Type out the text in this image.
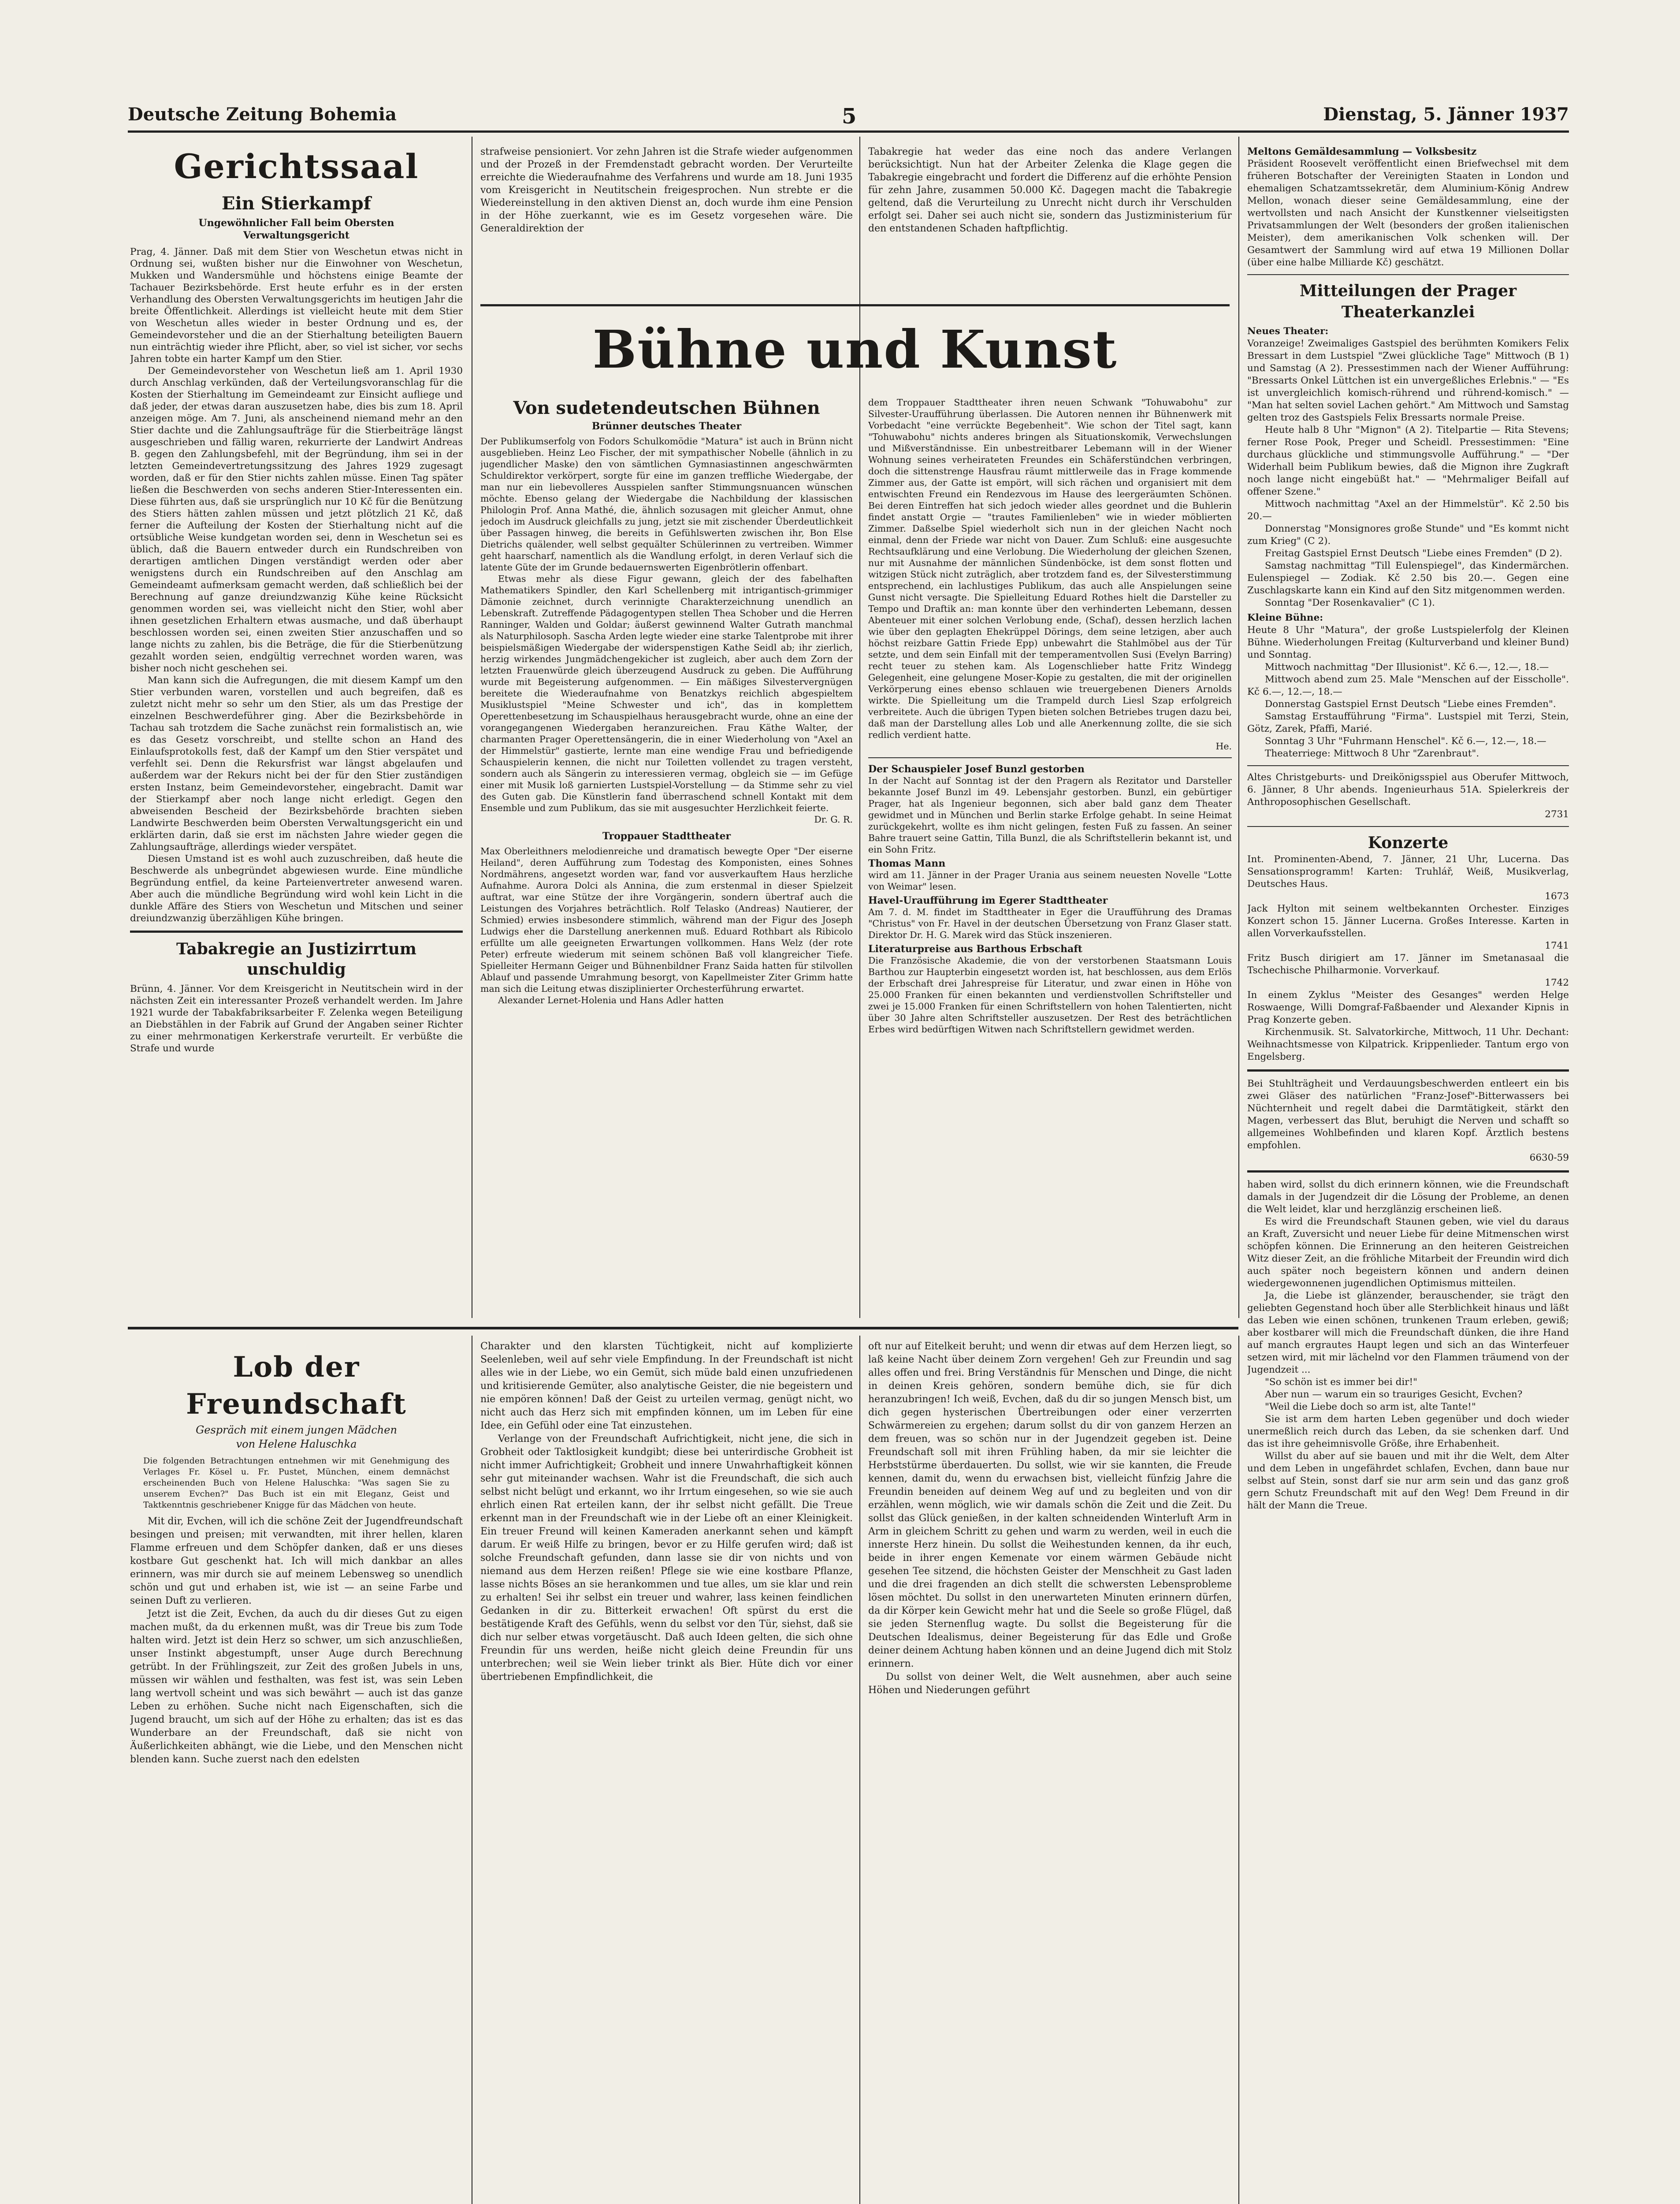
Deutsche Zeitung Bohemia	5	Dienstag, 5. Jänner 1937
Gerichtssaal
Ein Stierkampf
Ungewöhnlicher Fall beim Obersten Verwaltungsgericht

Prag, 4. Jänner. Daß mit dem Stier von Weschetun etwas nicht in Ordnung sei, wußten bisher nur die Einwohner von Weschetun, Mukken und Wandersmühle und höchstens einige Beamte der Tachauer Bezirksbehörde. Erst heute erfuhr es in der ersten Verhandlung des Obersten Verwaltungsgerichts im heutigen Jahr die breite Öffentlichkeit. Allerdings ist vielleicht heute mit dem Stier von Weschetun alles wieder in bester Ordnung und es, der Gemeindevorsteher und die an der Stierhaltung beteiligten Bauern nun einträchtig wieder ihre Pflicht, aber, so viel ist sicher, vor sechs Jahren tobte ein harter Kampf um den Stier.

Der Gemeindevorsteher von Weschetun ließ am 1. April 1930 durch Anschlag verkünden, daß der Verteilungsvoranschlag für die Kosten der Stierhaltung im Gemeindeamt zur Einsicht aufliege und daß jeder, der etwas daran auszusetzen habe, dies bis zum 18. April anzeigen möge. Am 7. Juni, als anscheinend niemand mehr an den Stier dachte und die Zahlungsaufträge für die Stierbeiträge längst ausgeschrieben und fällig waren, rekurrierte der Landwirt Andreas B. gegen den Zahlungsbefehl, mit der Begründung, ihm sei in der letzten Gemeindevertretungssitzung des Jahres 1929 zugesagt worden, daß er für den Stier nichts zahlen müsse. Einen Tag später ließen die Beschwerden von sechs anderen Stier-Interessenten ein. Diese führten aus, daß sie ursprünglich nur 10 Kč für die Benützung des Stiers hätten zahlen müssen und jetzt plötzlich 21 Kč, daß ferner die Aufteilung der Kosten der Stierhaltung nicht auf die ortsübliche Weise kundgetan worden sei, denn in Weschetun sei es üblich, daß die Bauern entweder durch ein Rundschreiben von derartigen amtlichen Dingen verständigt werden oder aber wenigstens durch ein Rundschreiben auf den Anschlag am Gemeindeamt aufmerksam gemacht werden, daß schließlich bei der Berechnung auf ganze dreiundzwanzig Kühe keine Rücksicht genommen worden sei, was vielleicht nicht den Stier, wohl aber ihnen gesetzlichen Erhaltern etwas ausmache, und daß überhaupt beschlossen worden sei, einen zweiten Stier anzuschaffen und so lange nichts zu zahlen, bis die Beträge, die für die Stierbenützung gezahlt worden seien, endgültig verrechnet worden waren, was bisher noch nicht geschehen sei.

Man kann sich die Aufregungen, die mit diesem Kampf um den Stier verbunden waren, vorstellen und auch begreifen, daß es zuletzt nicht mehr so sehr um den Stier, als um das Prestige der einzelnen Beschwerdeführer ging. Aber die Bezirksbehörde in Tachau sah trotzdem die Sache zunächst rein formalistisch an, wie es das Gesetz vorschreibt, und stellte schon an Hand des Einlaufsprotokolls fest, daß der Kampf um den Stier verspätet und verfehlt sei. Denn die Rekursfrist war längst abgelaufen und außerdem war der Rekurs nicht bei der für den Stier zuständigen ersten Instanz, beim Gemeindevorsteher, eingebracht. Damit war der Stierkampf aber noch lange nicht erledigt. Gegen den abweisenden Bescheid der Bezirksbehörde brachten sieben Landwirte Beschwerden beim Obersten Verwaltungsgericht ein und erklärten darin, daß sie erst im nächsten Jahre wieder gegen die Zahlungsaufträge, allerdings wieder verspätet.

Diesen Umstand ist es wohl auch zuzuschreiben, daß heute die Beschwerde als unbegründet abgewiesen wurde. Eine mündliche Begründung entfiel, da keine Parteienvertreter anwesend waren. Aber auch die mündliche Begründung wird wohl kein Licht in die dunkle Affäre des Stiers von Weschetun und Mitschen und seiner dreiundzwanzig überzähligen Kühe bringen.

Tabakregie an Justizirrtum unschuldig

Brünn, 4. Jänner. Vor dem Kreisgericht in Neutitschein wird in der nächsten Zeit ein interessanter Prozeß verhandelt werden. Im Jahre 1921 wurde der Tabakfabriksarbeiter F. Zelenka wegen Beteiligung an Diebstählen in der Fabrik auf Grund der Angaben seiner Richter zu einer mehrmonatigen Kerkerstrafe verurteilt. Er verbüßte die Strafe und wurde

strafweise pensioniert. Vor zehn Jahren ist die Strafe wieder aufgenommen und der Prozeß in der Fremdenstadt gebracht worden. Der Verurteilte erreichte die Wiederaufnahme des Verfahrens und wurde am 18. Juni 1935 vom Kreisgericht in Neutitschein freigesprochen. Nun strebte er die Wiedereinstellung in den aktiven Dienst an, doch wurde ihm eine Pension in der Höhe zuerkannt, wie es im Gesetz vorgesehen wäre. Die Generaldirektion der

Tabakregie hat weder das eine noch das andere Verlangen berücksichtigt. Nun hat der Arbeiter Zelenka die Klage gegen die Tabakregie eingebracht und fordert die Differenz auf die erhöhte Pension für zehn Jahre, zusammen 50.000 Kč. Dagegen macht die Tabakregie geltend, daß die Verurteilung zu Unrecht nicht durch ihr Verschulden erfolgt sei. Daher sei auch nicht sie, sondern das Justizministerium für den entstandenen Schaden haftpflichtig.

Bühne und Kunst
Von sudetendeutschen Bühnen
Brünner deutsches Theater

Der Publikumserfolg von Fodors Schulkomödie "Matura" ist auch in Brünn nicht ausgeblieben. Heinz Leo Fischer, der mit sympathischer Nobelle (ähnlich in zu jugendlicher Maske) den von sämtlichen Gymnasiastinnen angeschwärmten Schuldirektor verkörpert, sorgte für eine im ganzen treffliche Wiedergabe, der man nur ein liebevolleres Ausspielen sanfter Stimmungsnuancen wünschen möchte. Ebenso gelang der Wiedergabe die Nachbildung der klassischen Philologin Prof. Anna Mathé, die, ähnlich sozusagen mit gleicher Anmut, ohne jedoch im Ausdruck gleichfalls zu jung, jetzt sie mit zischender Überdeutlichkeit über Passagen hinweg, die bereits in Gefühlswerten zwischen ihr, Bon Else Dietrichs quälender, well selbst gequälter Schülerinnen zu vertreiben. Wimmer geht haarscharf, namentlich als die Wandlung erfolgt, in deren Verlauf sich die latente Güte der im Grunde bedauernswerten Eigenbrötlerin offenbart.

Etwas mehr als diese Figur gewann, gleich der des fabelhaften Mathematikers Spindler, den Karl Schellenberg mit intrigantisch-grimmiger Dämonie zeichnet, durch verinnigte Charakterzeichnung unendlich an Lebenskraft. Zutreffende Pädagogentypen stellen Thea Schober und die Herren Ranninger, Walden und Goldar; äußerst gewinnend Walter Gutrath manchmal als Naturphilosoph. Sascha Arden legte wieder eine starke Talentprobe mit ihrer beispielsmäßigen Wiedergabe der widerspenstigen Kathe Seidl ab; ihr zierlich, herzig wirkendes Jungmädchengekicher ist zugleich, aber auch dem Zorn der letzten Frauenwürde gleich überzeugend Ausdruck zu geben. Die Aufführung wurde mit Begeisterung aufgenommen. — Ein mäßiges Silvestervergnügen bereitete die Wiederaufnahme von Benatzkys reichlich abgespieltem Musiklustspiel "Meine Schwester und ich", das in komplettem Operettenbesetzung im Schauspielhaus herausgebracht wurde, ohne an eine der vorangegangenen Wiedergaben heranzureichen. Frau Käthe Walter, der charmanten Prager Operettensängerin, die in einer Wiederholung von "Axel an der Himmelstür" gastierte, lernte man eine wendige Frau und befriedigende Schauspielerin kennen, die nicht nur Toiletten vollendet zu tragen versteht, sondern auch als Sängerin zu interessieren vermag, obgleich sie — im Gefüge einer mit Musik loß garnierten Lustspiel-Vorstellung — da Stimme sehr zu viel des Guten gab. Die Künstlerin fand überraschend schnell Kontakt mit dem Ensemble und zum Publikum, das sie mit ausgesuchter Herzlichkeit feierte.

Dr. G. R.
Troppauer Stadttheater

Max Oberleithners melodienreiche und dramatisch bewegte Oper "Der eiserne Heiland", deren Aufführung zum Todestag des Komponisten, eines Sohnes Nordmährens, angesetzt worden war, fand vor ausverkauftem Haus herzliche Aufnahme. Aurora Dolci als Annina, die zum erstenmal in dieser Spielzeit auftrat, war eine Stütze der ihre Vorgängerin, sondern übertraf auch die Leistungen des Vorjahres beträchtlich. Rolf Telasko (Andreas) Nautierer, der Schmied) erwies insbesondere stimmlich, während man der Figur des Joseph Ludwigs eher die Darstellung anerkennen muß. Eduard Rothbart als Ribicolo erfüllte um alle geeigneten Erwartungen vollkommen. Hans Welz (der rote Peter) erfreute wiederum mit seinem schönen Baß voll klangreicher Tiefe. Spielleiter Hermann Geiger und Bühnenbildner Franz Saida hatten für stilvollen Ablauf und passende Umrahmung besorgt, von Kapellmeister Ziter Grimm hatte man sich die Leitung etwas disziplinierter Orchesterführung erwartet.

Alexander Lernet-Holenia und Hans Adler hatten

dem Troppauer Stadttheater ihren neuen Schwank "Tohuwabohu" zur Silvester-Uraufführung überlassen. Die Autoren nennen ihr Bühnenwerk mit Vorbedacht "eine verrückte Begebenheit". Wie schon der Titel sagt, kann "Tohuwabohu" nichts anderes bringen als Situationskomik, Verwechslungen und Mißverständnisse. Ein unbestreitbarer Lebemann will in der Wiener Wohnung seines verheirateten Freundes ein Schäferstündchen verbringen, doch die sittenstrenge Hausfrau räumt mittlerweile das in Frage kommende Zimmer aus, der Gatte ist empört, will sich rächen und organisiert mit dem entwischten Freund ein Rendezvous im Hause des leergeräumten Schönen. Bei deren Eintreffen hat sich jedoch wieder alles geordnet und die Buhlerin findet anstatt Orgie — "trautes Familienleben" wie in wieder möblierten Zimmer. Daßselbe Spiel wiederholt sich nun in der gleichen Nacht noch einmal, denn der Friede war nicht von Dauer. Zum Schluß: eine ausgesuchte Rechtsaufklärung und eine Verlobung. Die Wiederholung der gleichen Szenen, nur mit Ausnahme der männlichen Sündenböcke, ist dem sonst flotten und witzigen Stück nicht zuträglich, aber trotzdem fand es, der Silvesterstimmung entsprechend, ein lachlustiges Publikum, das auch alle Anspielungen seine Gunst nicht versagte. Die Spielleitung Eduard Rothes hielt die Darsteller zu Tempo und Draftik an: man konnte über den verhinderten Lebemann, dessen Abenteuer mit einer solchen Verlobung ende, (Schaf), dessen herzlich lachen wie über den geplagten Ehekrüppel Dörings, dem seine letzigen, aber auch höchst reizbare Gattin Friede Epp) unbewahrt die Stahlmöbel aus der Tür setzte, und dem sein Einfall mit der temperamentvollen Susi (Evelyn Barring) recht teuer zu stehen kam. Als Logenschlieber hatte Fritz Windegg Gelegenheit, eine gelungene Moser-Kopie zu gestalten, die mit der originellen Verkörperung eines ebenso schlauen wie treuergebenen Dieners Arnolds wirkte. Die Spielleitung um die Trampeld durch Liesl Szap erfolgreich verbreitete. Auch die übrigen Typen bieten solchen Betriebes trugen dazu bei, daß man der Darstellung alles Lob und alle Anerkennung zollte, die sie sich redlich verdient hatte.

He.
Der Schauspieler Josef Bunzl gestorben

In der Nacht auf Sonntag ist der den Pragern als Rezitator und Darsteller bekannte Josef Bunzl im 49. Lebensjahr gestorben. Bunzl, ein gebürtiger Prager, hat als Ingenieur begonnen, sich aber bald ganz dem Theater gewidmet und in München und Berlin starke Erfolge gehabt. In seine Heimat zurückgekehrt, wollte es ihm nicht gelingen, festen Fuß zu fassen. An seiner Bahre trauert seine Gattin, Tilla Bunzl, die als Schriftstellerin bekannt ist, und ein Sohn Fritz.

Thomas Mann

wird am 11. Jänner in der Prager Urania aus seinem neuesten Novelle "Lotte von Weimar" lesen.

Havel-Uraufführung im Egerer Stadttheater

Am 7. d. M. findet im Stadttheater in Eger die Uraufführung des Dramas "Christus" von Fr. Havel in der deutschen Übersetzung von Franz Glaser statt. Direktor Dr. H. G. Marek wird das Stück inszenieren.

Literaturpreise aus Barthous Erbschaft

Die Französische Akademie, die von der verstorbenen Staatsmann Louis Barthou zur Haupterbin eingesetzt worden ist, hat beschlossen, aus dem Erlös der Erbschaft drei Jahrespreise für Literatur, und zwar einen in Höhe von 25.000 Franken für einen bekannten und verdienstvollen Schriftsteller und zwei je 15.000 Franken für einen Schriftstellern von hohen Talentierten, nicht über 30 Jahre alten Schriftsteller auszusetzen. Der Rest des beträchtlichen Erbes wird bedürftigen Witwen nach Schriftstellern gewidmet werden.

Meltons Gemäldesammlung — Volksbesitz

Präsident Roosevelt veröffentlicht einen Briefwechsel mit dem früheren Botschafter der Vereinigten Staaten in London und ehemaligen Schatzamtssekretär, dem Aluminium-König Andrew Mellon, wonach dieser seine Gemäldesammlung, eine der wertvollsten und nach Ansicht der Kunstkenner vielseitigsten Privatsammlungen der Welt (besonders der großen italienischen Meister), dem amerikanischen Volk schenken will. Der Gesamtwert der Sammlung wird auf etwa 19 Millionen Dollar (über eine halbe Milliarde Kč) geschätzt.

Mitteilungen der Prager Theaterkanzlei
Neues Theater:

Voranzeige! Zweimaliges Gastspiel des berühmten Komikers Felix Bressart in dem Lustspiel "Zwei glückliche Tage" Mittwoch (B 1) und Samstag (A 2). Pressestimmen nach der Wiener Aufführung: "Bressarts Onkel Lüttchen ist ein unvergeßliches Erlebnis." — "Es ist unvergleichlich komisch-rührend und rührend-komisch." — "Man hat selten soviel Lachen gehört." Am Mittwoch und Samstag gelten troz des Gastspiels Felix Bressarts normale Preise.

Heute halb 8 Uhr "Mignon" (A 2). Titelpartie — Rita Stevens; ferner Rose Pook, Preger und Scheidl. Pressestimmen: "Eine durchaus glückliche und stimmungsvolle Aufführung." — "Der Widerhall beim Publikum bewies, daß die Mignon ihre Zugkraft noch lange nicht eingebüßt hat." — "Mehrmaliger Beifall auf offener Szene."

Mittwoch nachmittag "Axel an der Himmelstür". Kč 2.50 bis 20.—

Donnerstag "Monsignores große Stunde" und "Es kommt nicht zum Krieg" (C 2).

Freitag Gastspiel Ernst Deutsch "Liebe eines Fremden" (D 2).

Samstag nachmittag "Till Eulenspiegel", das Kindermärchen. Eulenspiegel — Zodiak. Kč 2.50 bis 20.—. Gegen eine Zuschlagskarte kann ein Kind auf den Sitz mitgenommen werden.

Sonntag "Der Rosenkavalier" (C 1).

Kleine Bühne:

Heute 8 Uhr "Matura", der große Lustspielerfolg der Kleinen Bühne. Wiederholungen Freitag (Kulturverband und kleiner Bund) und Sonntag.

Mittwoch nachmittag "Der Illusionist". Kč 6.—, 12.—, 18.—

Mittwoch abend zum 25. Male "Menschen auf der Eisscholle". Kč 6.—, 12.—, 18.—

Donnerstag Gastspiel Ernst Deutsch "Liebe eines Fremden".

Samstag Erstaufführung "Firma". Lustspiel mit Terzi, Stein, Götz, Zarek, Pfaffi, Marié.

Sonntag 3 Uhr "Fuhrmann Henschel". Kč 6.—, 12.—, 18.—

Theaterriege: Mittwoch 8 Uhr "Zarenbraut".

Altes Christgeburts- und Dreikönigsspiel aus Oberufer Mittwoch, 6. Jänner, 8 Uhr abends. Ingenieurhaus 51A. Spielerkreis der Anthroposophischen Gesellschaft.

2731
Konzerte

Int. Prominenten-Abend, 7. Jänner, 21 Uhr, Lucerna. Das Sensationsprogramm! Karten: Truhlář, Weiß, Musikverlag, Deutsches Haus.

1673

Jack Hylton mit seinem weltbekannten Orchester. Einziges Konzert schon 15. Jänner Lucerna. Großes Interesse. Karten in allen Vorverkaufsstellen.

1741

Fritz Busch dirigiert am 17. Jänner im Smetanasaal die Tschechische Philharmonie. Vorverkauf.

1742

In einem Zyklus "Meister des Gesanges" werden Helge Roswaenge, Willi Domgraf-Faßbaender und Alexander Kipnis in Prag Konzerte geben.

Kirchenmusik. St. Salvatorkirche, Mittwoch, 11 Uhr. Dechant: Weihnachtsmesse von Kilpatrick. Krippenlieder. Tantum ergo von Engelsberg.

Bei Stuhlträgheit und Verdauungsbeschwerden entleert ein bis zwei Gläser des natürlichen "Franz-Josef"-Bitterwassers bei Nüchternheit und regelt dabei die Darmtätigkeit, stärkt den Magen, verbessert das Blut, beruhigt die Nerven und schafft so allgemeines Wohlbefinden und klaren Kopf. Ärztlich bestens empfohlen.

6630-59

haben wird, sollst du dich erinnern können, wie die Freundschaft damals in der Jugendzeit dir die Lösung der Probleme, an denen die Welt leidet, klar und herzglänzig erscheinen ließ.

Es wird die Freundschaft Staunen geben, wie viel du daraus an Kraft, Zuversicht und neuer Liebe für deine Mitmenschen wirst schöpfen können. Die Erinnerung an den heiteren Geistreichen Witz dieser Zeit, an die fröhliche Mitarbeit der Freundin wird dich auch später noch begeistern können und andern deinen wiedergewonnenen jugendlichen Optimismus mitteilen.

Ja, die Liebe ist glänzender, berauschender, sie trägt den geliebten Gegenstand hoch über alle Sterblichkeit hinaus und läßt das Leben wie einen schönen, trunkenen Traum erleben, gewiß; aber kostbarer will mich die Freundschaft dünken, die ihre Hand auf manch ergrautes Haupt legen und sich an das Winterfeuer setzen wird, mit mir lächelnd vor den Flammen träumend von der Jugendzeit ...

"So schön ist es immer bei dir!"

Aber nun — warum ein so trauriges Gesicht, Evchen?

"Weil die Liebe doch so arm ist, alte Tante!"

Sie ist arm dem harten Leben gegenüber und doch wieder unermeßlich reich durch das Leben, da sie schenken darf. Und das ist ihre geheimnisvolle Größe, ihre Erhabenheit.

Willst du aber auf sie bauen und mit ihr die Welt, dem Alter und dem Leben in ungefährdet schlafen, Evchen, dann baue nur selbst auf Stein, sonst darf sie nur arm sein und das ganz groß gern Schutz Freundschaft mit auf den Weg! Dem Freund in dir hält der Mann die Treue.

Lob der Freundschaft
Gespräch mit einem jungen Mädchen
von Helene Haluschka

Die folgenden Betrachtungen entnehmen wir mit Genehmigung des Verlages Fr. Kösel u. Fr. Pustet, München, einem demnächst erscheinenden Buch von Helene Haluschka: "Was sagen Sie zu unserem Evchen?" Das Buch ist ein mit Eleganz, Geist und Taktkenntnis geschriebener Knigge für das Mädchen von heute.

Mit dir, Evchen, will ich die schöne Zeit der Jugendfreundschaft besingen und preisen; mit verwandten, mit ihrer hellen, klaren Flamme erfreuen und dem Schöpfer danken, daß er uns dieses kostbare Gut geschenkt hat. Ich will mich dankbar an alles erinnern, was mir durch sie auf meinem Lebensweg so unendlich schön und gut und erhaben ist, wie ist — an seine Farbe und seinen Duft zu verlieren.

Jetzt ist die Zeit, Evchen, da auch du dir dieses Gut zu eigen machen mußt, da du erkennen mußt, was dir Treue bis zum Tode halten wird. Jetzt ist dein Herz so schwer, um sich anzuschließen, unser Instinkt abgestumpft, unser Auge durch Berechnung getrübt. In der Frühlingszeit, zur Zeit des großen Jubels in uns, müssen wir wählen und festhalten, was fest ist, was sein Leben lang wertvoll scheint und was sich bewährt — auch ist das ganze Leben zu erhöhen. Suche nicht nach Eigenschaften, sich die Jugend braucht, um sich auf der Höhe zu erhalten; das ist es das Wunderbare an der Freundschaft, daß sie nicht von Äußerlichkeiten abhängt, wie die Liebe, und den Menschen nicht blenden kann. Suche zuerst nach den edelsten

Charakter und den klarsten Tüchtigkeit, nicht auf komplizierte Seelenleben, weil auf sehr viele Empfindung. In der Freundschaft ist nicht alles wie in der Liebe, wo ein Gemüt, sich müde bald einen unzufriedenen und kritisierende Gemüter, also analytische Geister, die nie begeistern und nie empören können! Daß der Geist zu urteilen vermag, genügt nicht, wo nicht auch das Herz sich mit empfinden können, um im Leben für eine Idee, ein Gefühl oder eine Tat einzustehen.

Verlange von der Freundschaft Aufrichtigkeit, nicht jene, die sich in Grobheit oder Taktlosigkeit kundgibt; diese bei unterirdische Grobheit ist nicht immer Aufrichtigkeit; Grobheit und innere Unwahrhaftigkeit können sehr gut miteinander wachsen. Wahr ist die Freundschaft, die sich auch selbst nicht belügt und erkannt, wo ihr Irrtum eingesehen, so wie sie auch ehrlich einen Rat erteilen kann, der ihr selbst nicht gefällt. Die Treue erkennt man in der Freundschaft wie in der Liebe oft an einer Kleinigkeit. Ein treuer Freund will keinen Kameraden anerkannt sehen und kämpft darum. Er weiß Hilfe zu bringen, bevor er zu Hilfe gerufen wird; daß ist solche Freundschaft gefunden, dann lasse sie dir von nichts und von niemand aus dem Herzen reißen! Pflege sie wie eine kostbare Pflanze, lasse nichts Böses an sie herankommen und tue alles, um sie klar und rein zu erhalten! Sei ihr selbst ein treuer und wahrer, lass keinen feindlichen Gedanken in dir zu. Bitterkeit erwachen! Oft spürst du erst die bestätigende Kraft des Gefühls, wenn du selbst vor den Tür, siehst, daß sie dich nur selber etwas vorgetäuscht. Daß auch Ideen gelten, die sich ohne Freundin für uns werden, heiße nicht gleich deine Freundin für uns unterbrechen; weil sie Wein lieber trinkt als Bier. Hüte dich vor einer übertriebenen Empfindlichkeit, die

oft nur auf Eitelkeit beruht; und wenn dir etwas auf dem Herzen liegt, so laß keine Nacht über deinem Zorn vergehen! Geh zur Freundin und sag alles offen und frei. Bring Verständnis für Menschen und Dinge, die nicht in deinen Kreis gehören, sondern bemühe dich, sie für dich heranzubringen! Ich weiß, Evchen, daß du dir so jungen Mensch bist, um dich gegen hysterischen Übertreibungen oder einer verzerrten Schwärmereien zu ergehen; darum sollst du dir von ganzem Herzen an dem freuen, was so schön nur in der Jugendzeit gegeben ist. Deine Freundschaft soll mit ihren Frühling haben, da mir sie leichter die Herbststürme überdauerten. Du sollst, wie wir sie kannten, die Freude kennen, damit du, wenn du erwachsen bist, vielleicht fünfzig Jahre die Freundin beneiden auf deinem Weg auf und zu begleiten und von dir erzählen, wenn möglich, wie wir damals schön die Zeit und die Zeit. Du sollst das Glück genießen, in der kalten schneidenden Winterluft Arm in Arm in gleichem Schritt zu gehen und warm zu werden, weil in euch die innerste Herz hinein. Du sollst die Weihestunden kennen, da ihr euch, beide in ihrer engen Kemenate vor einem wärmen Gebäude nicht gesehen Tee sitzend, die höchsten Geister der Menschheit zu Gast laden und die drei fragenden an dich stellt die schwersten Lebensprobleme lösen möchtet. Du sollst in den unerwarteten Minuten erinnern dürfen, da dir Körper kein Gewicht mehr hat und die Seele so große Flügel, daß sie jeden Sternenflug wagte. Du sollst die Begeisterung für die Deutschen Idealismus, deiner Begeisterung für das Edle und Große deiner deinem Achtung haben können und an deine Jugend dich mit Stolz erinnern.

Du sollst von deiner Welt, die Welt ausnehmen, aber auch seine Höhen und Niederungen geführt
